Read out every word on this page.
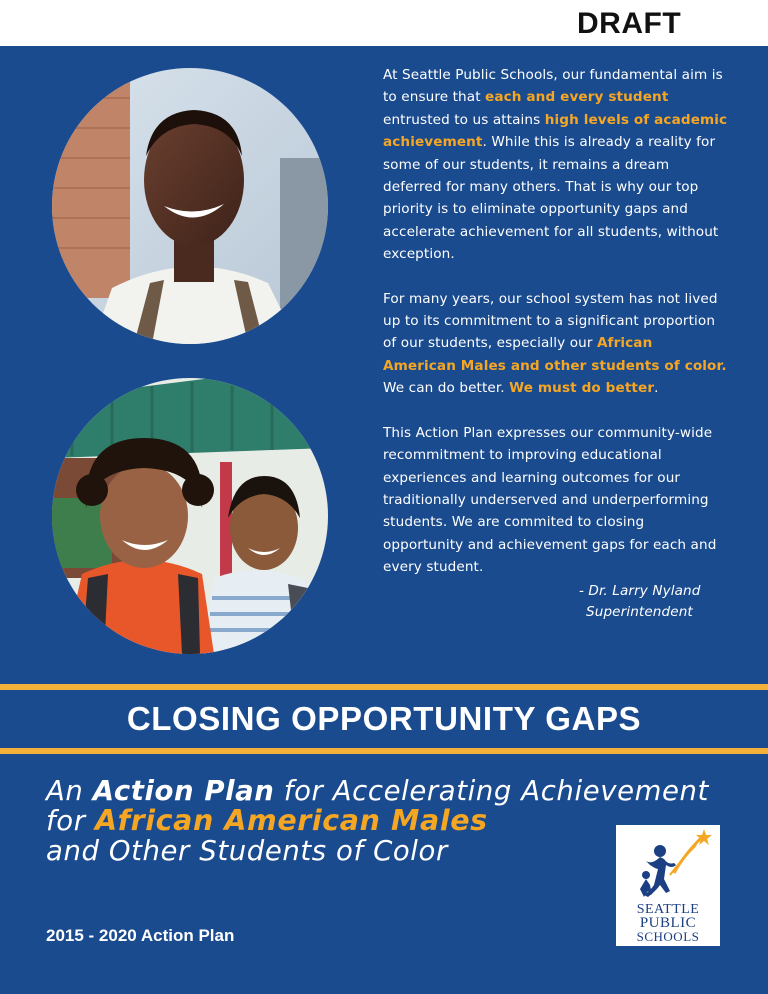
DRAFT

At Seattle Public Schools, our fundamental aim is to ensure that each and every student entrusted to us attains high levels of academic achievement. While this is already a reality for some of our students, it remains a dream deferred for many others. That is why our top priority is to eliminate opportunity gaps and accelerate achievement for all students, without exception.

For many years, our school system has not lived up to its commitment to a significant proportion of our students, especially our African American Males and other students of color. We can do better. We must do better.

This Action Plan expresses our community-wide recommitment to improving educational experiences and learning outcomes for our traditionally underserved and underperforming students. We are commited to closing opportunity and achievement gaps for each and every student.

- Dr. Larry Nyland
Superintendent
CLOSING OPPORTUNITY GAPS
An Action Plan for Accelerating Achievement
for African American Males
and Other Students of Color
2015 - 2020 Action Plan
SEATTLE
PUBLIC
SCHOOLS
